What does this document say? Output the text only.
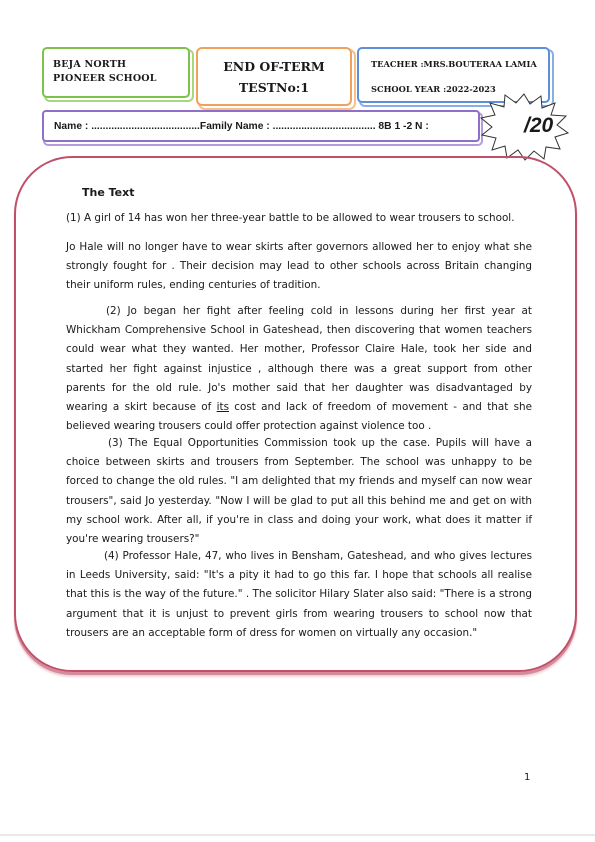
BEJA NORTH PIONEER SCHOOL
END OF-TERM
TESTNo:1
TEACHER :MRS.BOUTERAA LAMIA
SCHOOL YEAR :2022-2023
Name : ......................................Family Name : .................................... 8B 1 -2 N :	/20
The Text

(1) A girl of 14 has won her three-year battle to be allowed to wear trousers to school.

Jo Hale will no longer have to wear skirts after governors allowed her to enjoy what she strongly fought for . Their decision may lead to other schools across Britain changing their uniform rules, ending centuries of tradition.

(2) Jo began her fight after feeling cold in lessons during her first year at Whickham Comprehensive School in Gateshead, then discovering that women teachers could wear what they wanted. Her mother, Professor Claire Hale, took her side and started her fight against injustice , although there was a great support from other parents for the old rule. Jo's mother said that her daughter was disadvantaged by wearing a skirt because of its cost and lack of freedom of movement - and that she believed wearing trousers could offer protection against violence too .

(3) The Equal Opportunities Commission took up the case. Pupils will have a choice between skirts and trousers from September. The school was unhappy to be forced to change the old rules. "I am delighted that my friends and myself can now wear trousers", said Jo yesterday. "Now I will be glad to put all this behind me and get on with my school work. After all, if you're in class and doing your work, what does it matter if you're wearing trousers?"

(4) Professor Hale, 47, who lives in Bensham, Gateshead, and who gives lectures in Leeds University, said: "It's a pity it had to go this far. I hope that schools all realise that this is the way of the future." . The solicitor Hilary Slater also said: "There is a strong argument that it is unjust to prevent girls from wearing trousers to school now that trousers are an acceptable form of dress for women on virtually any occasion."

1
